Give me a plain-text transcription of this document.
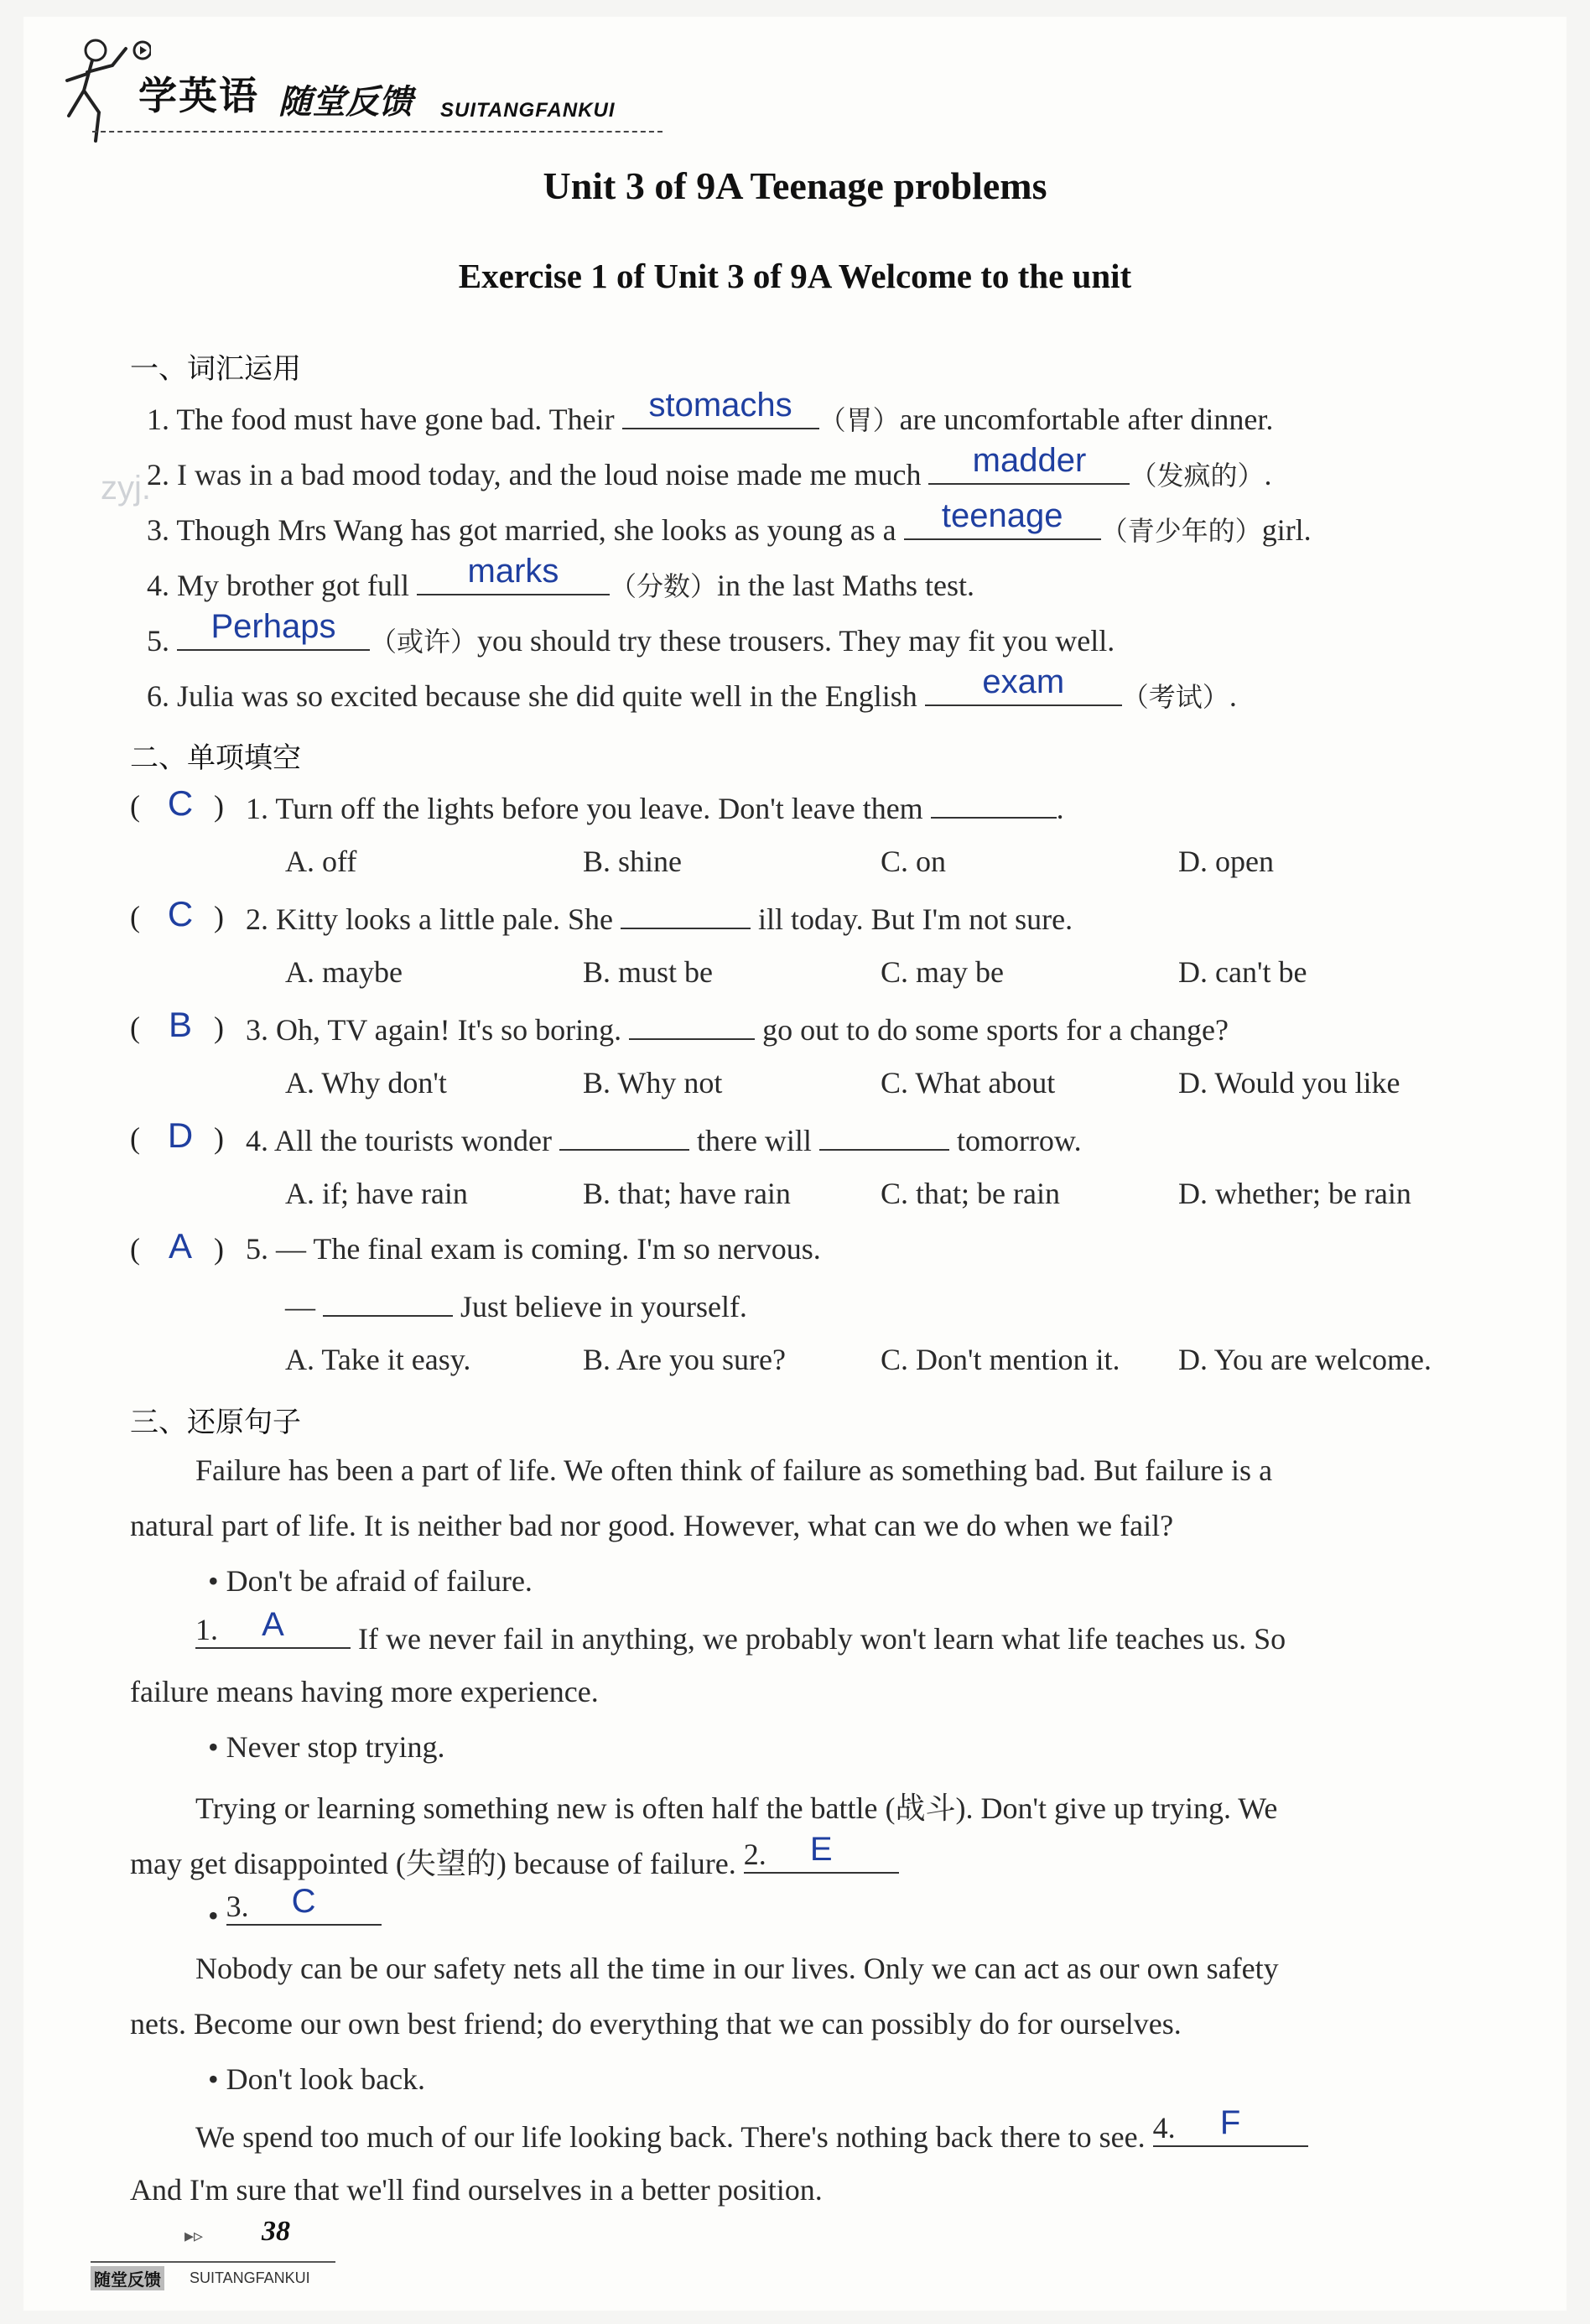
学英语 随堂反馈 SUITANGFANKUI
zyj.
Unit 3 of 9A Teenage problems
Exercise 1 of Unit 3 of 9A Welcome to the unit
一、词汇运用
1. The food must have gone bad. Their	stomachs （胃）are uncomfortable after dinner.
2. I was in a bad mood today, and the loud noise made me much	madder	（发疯的）.
3. Though Mrs Wang has got married, she looks as young as a	teenage	（青少年的）girl.
4. My brother got full	marks	（分数）in the last Maths test.
5.	Perhaps	（或许）you should try these trousers. They may fit you well.
6. Julia was so excited because she did quite well in the English	exam	（考试）.
二、单项填空
( C ) 1. Turn off the lights before you leave. Don't leave them	.
A. off	B. shine	C. on	D. open
( C ) 2. Kitty looks a little pale. She	ill today. But I'm not sure.
A. maybe	B. must be	C. may be	D. can't be
( B ) 3. Oh, TV again! It's so boring.	go out to do some sports for a change?
A. Why don't	B. Why not	C. What about	D. Would you like
( D ) 4. All the tourists wonder	there will	tomorrow.
A. if; have rain	B. that; have rain	C. that; be rain	D. whether; be rain
( A ) 5. — The final exam is coming. I'm so nervous.
—	Just believe in yourself.
A. Take it easy.	B. Are you sure?	C. Don't mention it. D. You are welcome.
三、还原句子
Failure has been a part of life. We often think of failure as something bad. But failure is a
natural part of life. It is neither bad nor good. However, what can we do when we fail?
• Don't be afraid of failure.
1.	A	If we never fail in anything, we probably won't learn what life teaches us. So
failure means having more experience.
• Never stop trying.
Trying or learning something new is often half the battle (战斗). Don't give up trying. We
may get disappointed (失望的) because of failure. 2.	E
• 3.	C
Nobody can be our safety nets all the time in our lives. Only we can act as our own safety
nets. Become our own best friend; do everything that we can possibly do for ourselves.
• Don't look back.
We spend too much of our life looking back. There's nothing back there to see. 4.	F
And I'm sure that we'll find ourselves in a better position.
▸▹ 38
随堂反馈 SUITANGFANKUI
